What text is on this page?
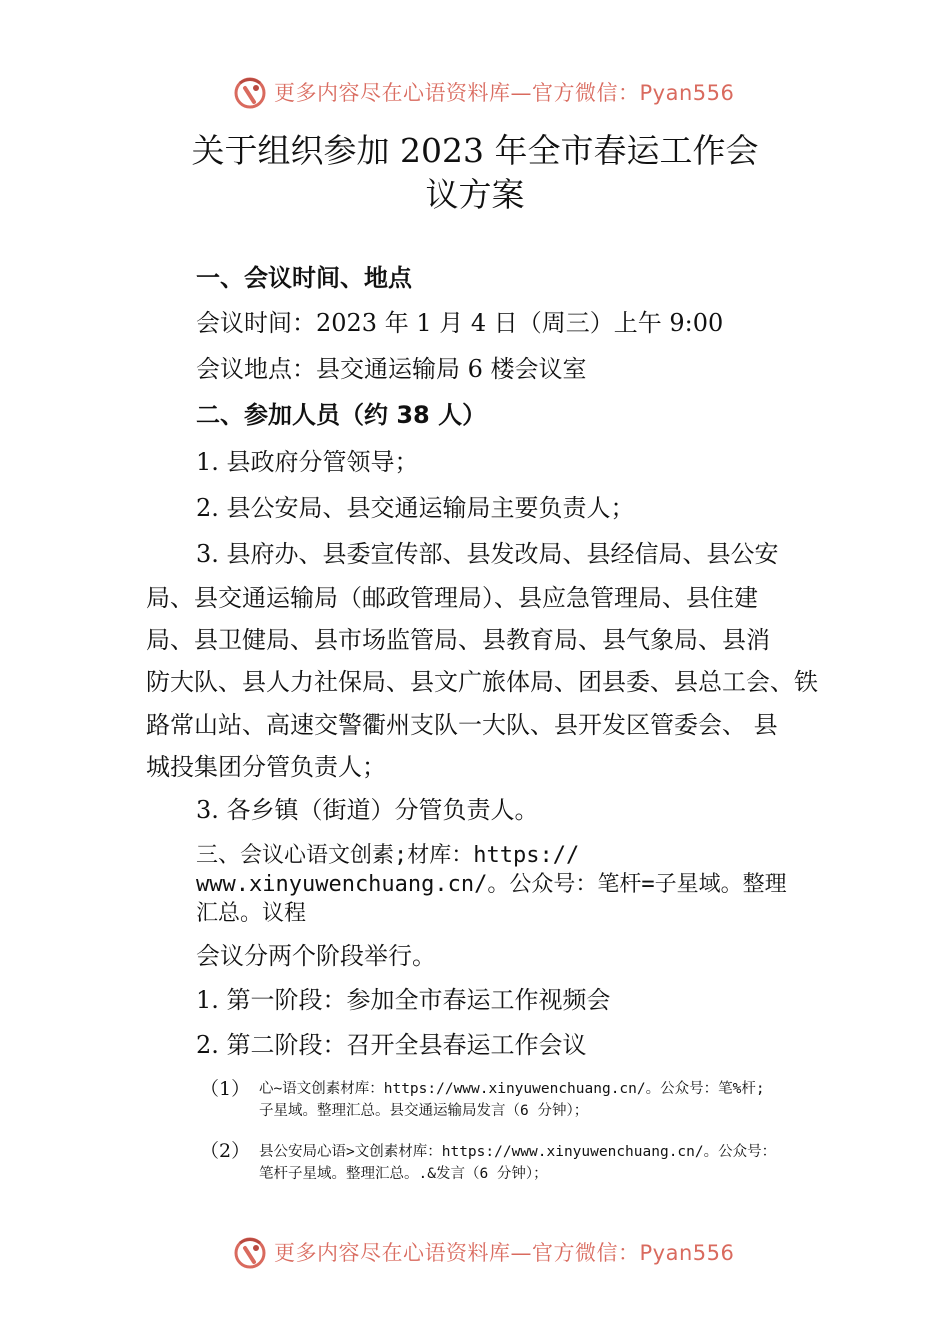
更多内容尽在心语资料库—官方微信：Pyan556
关于组织参加 2023 年全市春运工作会
议方案
一、会议时间、地点
会议时间：2023 年 1 月 4 日（周三）上午 9:00
会议地点：县交通运输局 6 楼会议室
二、参加人员（约 38 人）
1. 县政府分管领导；
2. 县公安局、县交通运输局主要负责人；
3. 县府办、县委宣传部、县发改局、县经信局、县公安
局、县交通运输局（邮政管理局）、县应急管理局、县住建
局、县卫健局、县市场监管局、县教育局、县气象局、县消
防大队、县人力社保局、县文广旅体局、团县委、县总工会、铁
路常山站、高速交警衢州支队一大队、县开发区管委会、 县
城投集团分管负责人；
3. 各乡镇（街道）分管负责人。
三、会议心语文创素;材库：https://
www.xinyuwenchuang.cn/。公众号：笔杆=子星域。整理
汇总。议程
会议分两个阶段举行。
1. 第一阶段：参加全市春运工作视频会
2. 第二阶段：召开全县春运工作会议
（1） 心~语文创素材库：https://www.xinyuwenchuang.cn/。公众号：笔%杆;
子星域。整理汇总。县交通运输局发言（6 分钟）；
（2） 县公安局心语>文创素材库：https://www.xinyuwenchuang.cn/。公众号：
笔杆子星域。整理汇总。.&发言（6 分钟）；
更多内容尽在心语资料库—官方微信：Pyan556
